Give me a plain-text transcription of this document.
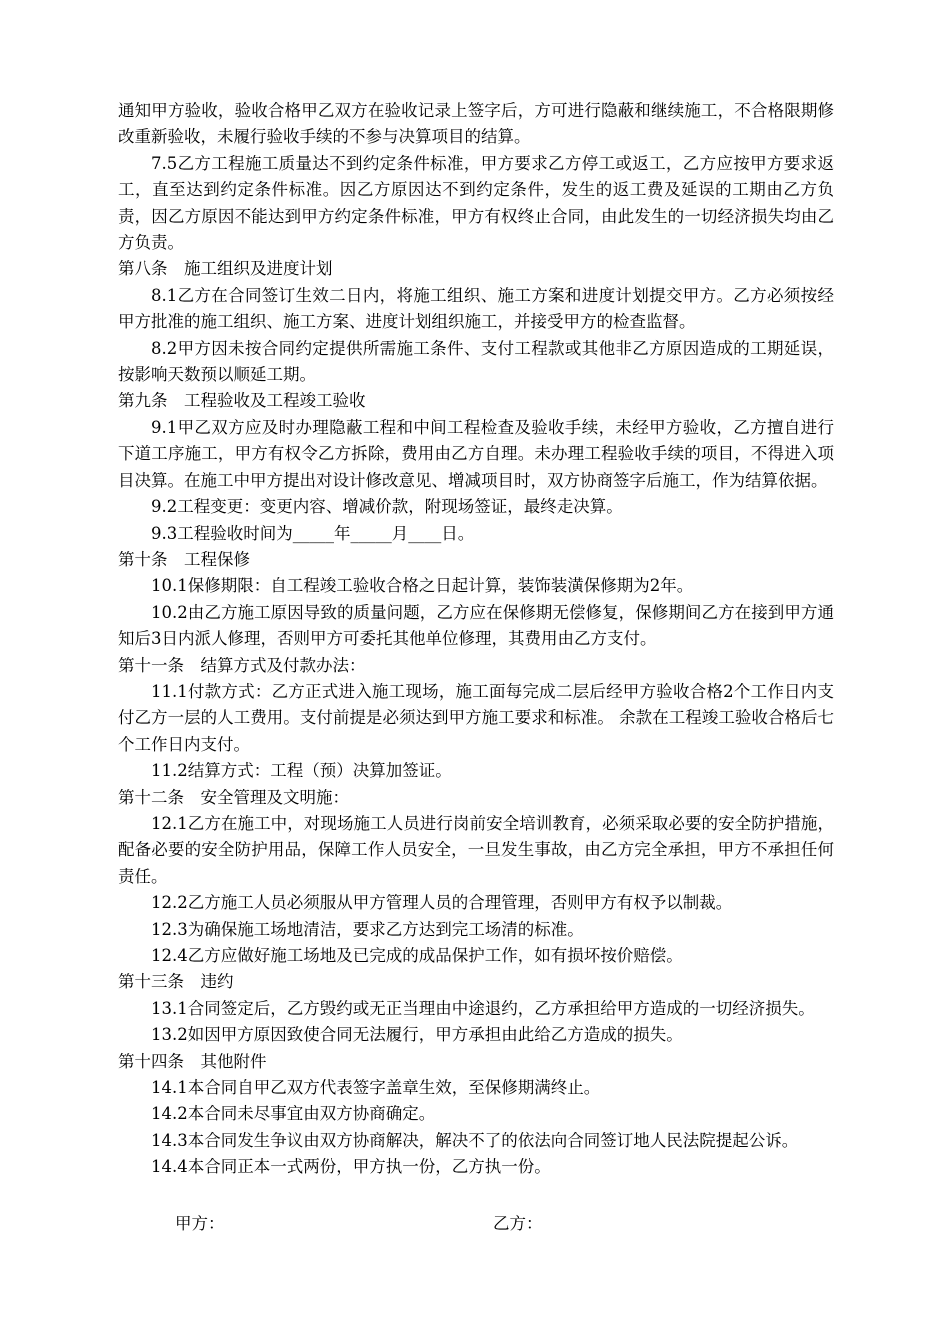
通知甲方验收，验收合格甲乙双方在验收记录上签字后，方可进行隐蔽和继续施工，不合格限期修改重新验收，未履行验收手续的不参与决算项目的结算。
7.5乙方工程施工质量达不到约定条件标准，甲方要求乙方停工或返工，乙方应按甲方要求返工，直至达到约定条件标准。因乙方原因达不到约定条件，发生的返工费及延误的工期由乙方负责，因乙方原因不能达到甲方约定条件标准，甲方有权终止合同，由此发生的一切经济损失均由乙方负责。
第八条　施工组织及进度计划
8.1乙方在合同签订生效二日内，将施工组织、施工方案和进度计划提交甲方。乙方必须按经甲方批准的施工组织、施工方案、进度计划组织施工，并接受甲方的检查监督。
8.2甲方因未按合同约定提供所需施工条件、支付工程款或其他非乙方原因造成的工期延误，按影响天数预以顺延工期。
第九条　工程验收及工程竣工验收
9.1甲乙双方应及时办理隐蔽工程和中间工程检查及验收手续，未经甲方验收，乙方擅自进行下道工序施工，甲方有权令乙方拆除，费用由乙方自理。未办理工程验收手续的项目，不得进入项目决算。在施工中甲方提出对设计修改意见、增减项目时，双方协商签字后施工，作为结算依据。
9.2工程变更：变更内容、增减价款，附现场签证，最终走决算。
9.3工程验收时间为_____年_____月____日。
第十条　工程保修
10.1保修期限：自工程竣工验收合格之日起计算，装饰装潢保修期为2年。
10.2由乙方施工原因导致的质量问题，乙方应在保修期无偿修复，保修期间乙方在接到甲方通知后3日内派人修理，否则甲方可委托其他单位修理，其费用由乙方支付。
第十一条　结算方式及付款办法：
11.1付款方式：乙方正式进入施工现场，施工面每完成二层后经甲方验收合格2个工作日内支付乙方一层的人工费用。支付前提是必须达到甲方施工要求和标准。 余款在工程竣工验收合格后七个工作日内支付。
11.2结算方式：工程（预）决算加签证。
第十二条　安全管理及文明施：
12.1乙方在施工中，对现场施工人员进行岗前安全培训教育，必须采取必要的安全防护措施，配备必要的安全防护用品，保障工作人员安全，一旦发生事故，由乙方完全承担，甲方不承担任何责任。
12.2乙方施工人员必须服从甲方管理人员的合理管理，否则甲方有权予以制裁。
12.3为确保施工场地清洁，要求乙方达到完工场清的标准。
12.4乙方应做好施工场地及已完成的成品保护工作，如有损坏按价赔偿。
第十三条　违约
13.1合同签定后，乙方毁约或无正当理由中途退约，乙方承担给甲方造成的一切经济损失。
13.2如因甲方原因致使合同无法履行，甲方承担由此给乙方造成的损失。
第十四条　其他附件
14.1本合同自甲乙双方代表签字盖章生效，至保修期满终止。
14.2本合同未尽事宜由双方协商确定。
14.3本合同发生争议由双方协商解决，解决不了的依法向合同签订地人民法院提起公诉。
14.4本合同正本一式两份，甲方执一份，乙方执一份。
甲方：	乙方：
